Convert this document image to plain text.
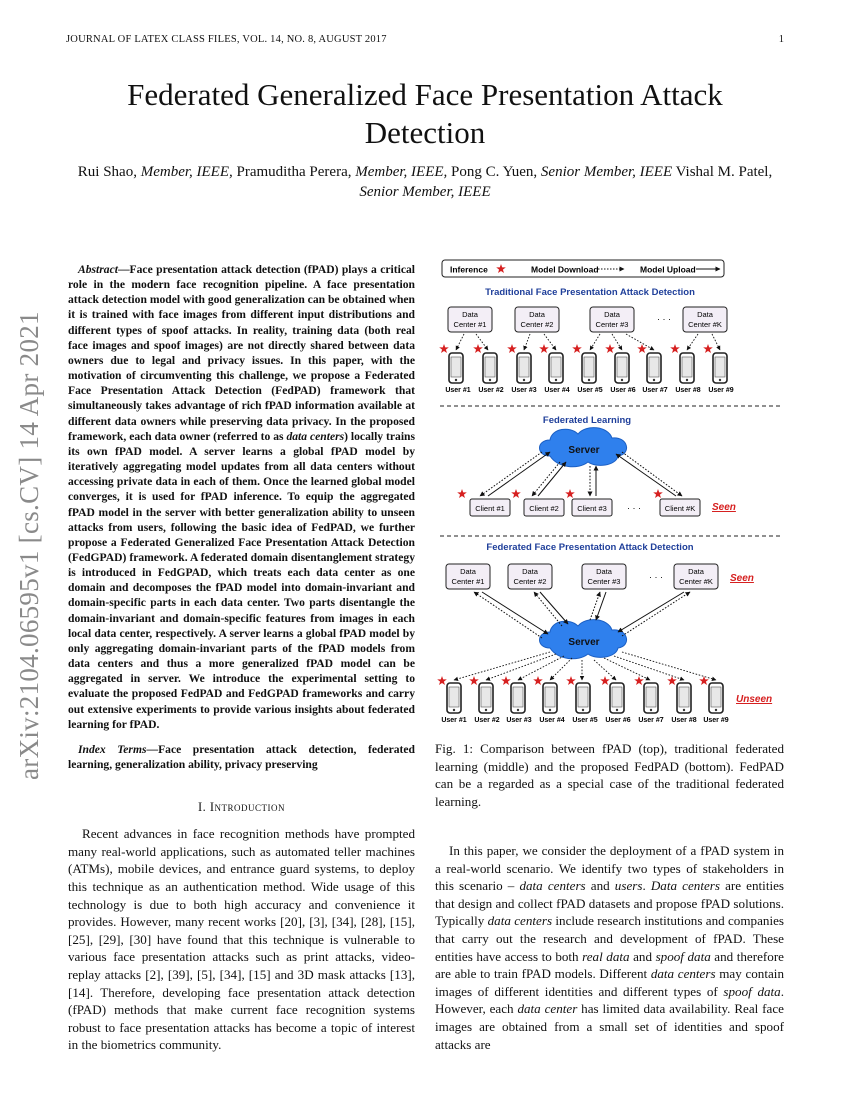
JOURNAL OF LATEX CLASS FILES, VOL. 14, NO. 8, AUGUST 2017	1
Federated Generalized Face Presentation Attack Detection
Rui Shao, Member, IEEE, Pramuditha Perera, Member, IEEE, Pong C. Yuen, Senior Member, IEEE Vishal M. Patel, Senior Member, IEEE
arXiv:2104.06595v1 [cs.CV] 14 Apr 2021

Abstract—Face presentation attack detection (fPAD) plays a critical role in the modern face recognition pipeline. A face presentation attack detection model with good generalization can be obtained when it is trained with face images from different input distributions and different types of spoof attacks. In reality, training data (both real face images and spoof images) are not directly shared between data owners due to legal and privacy issues. In this paper, with the motivation of circumventing this challenge, we propose a Federated Face Presentation Attack Detection (FedPAD) framework that simultaneously takes advantage of rich fPAD information available at different data owners while preserving data privacy. In the proposed framework, each data owner (referred to as data centers) locally trains its own fPAD model. A server learns a global fPAD model by iteratively aggregating model updates from all data centers without accessing private data in each of them. Once the learned global model converges, it is used for fPAD inference. To equip the aggregated fPAD model in the server with better generalization ability to unseen attacks from users, following the basic idea of FedPAD, we further propose a Federated Generalized Face Presentation Attack Detection (FedGPAD) framework. A federated domain disentanglement strategy is introduced in FedGPAD, which treats each data center as one domain and decomposes the fPAD model into domain-invariant and domain-specific parts in each data center. Two parts disentangle the domain-invariant and domain-specific features from images in each local data center, respectively. A server learns a global fPAD model by only aggregating domain-invariant parts of the fPAD models from data centers and thus a more generalized fPAD model can be aggregated in server. We introduce the experimental setting to evaluate the proposed FedPAD and FedGPAD frameworks and carry out extensive experiments to provide various insights about federated learning for fPAD.

Index Terms—Face presentation attack detection, federated learning, generalization ability, privacy preserving

I. Introduction

Recent advances in face recognition methods have prompted many real-world applications, such as automated teller machines (ATMs), mobile devices, and entrance guard systems, to deploy this technique as an authentication method. Wide usage of this technology is due to both high accuracy and convenience it provides. However, many recent works [20], [3], [34], [28], [15], [25], [29], [30] have found that this technique is vulnerable to various face presentation attacks such as print attacks, video-replay attacks [2], [39], [5], [34], [15] and 3D mask attacks [13], [14]. Therefore, developing face presentation attack detection (fPAD) methods that make current face recognition systems robust to face presentation attacks has become a topic of interest in the biometrics community.

Inference	Model Download	Model Upload
Traditional Face Presentation Attack Detection
Data
Center #1
Data
Center #2
Data
Center #3
· · ·	Data
Center #K
User #1 User #2 User #3 User #4 User #5 User #6 User #7 User #8 User #9
Federated Learning
Server
Client #1	Client #2 Client #3 · · ·	Client #K Seen
Federated Face Presentation Attack Detection
Data
Center #1
Data
Center #2
Data
Center #3	· · ·
Data
Center #K Seen
Server
Unseen
User #1 User #2 User #3 User #4 User #5 User #6 User #7 User #8 User #9

Fig. 1: Comparison between fPAD (top), traditional federated learning (middle) and the proposed FedPAD (bottom). FedPAD can be a regarded as a special case of the traditional federated learning.

In this paper, we consider the deployment of a fPAD system in a real-world scenario. We identify two types of stakeholders in this scenario – data centers and users. Data centers are entities that design and collect fPAD datasets and propose fPAD solutions. Typically data centers include research institutions and companies that carry out the research and development of fPAD. These entities have access to both real data and spoof data and therefore are able to train fPAD models. Different data centers may contain images of different identities and different types of spoof data. However, each data center has limited data availability. Real face images are obtained from a small set of identities and spoof attacks are
